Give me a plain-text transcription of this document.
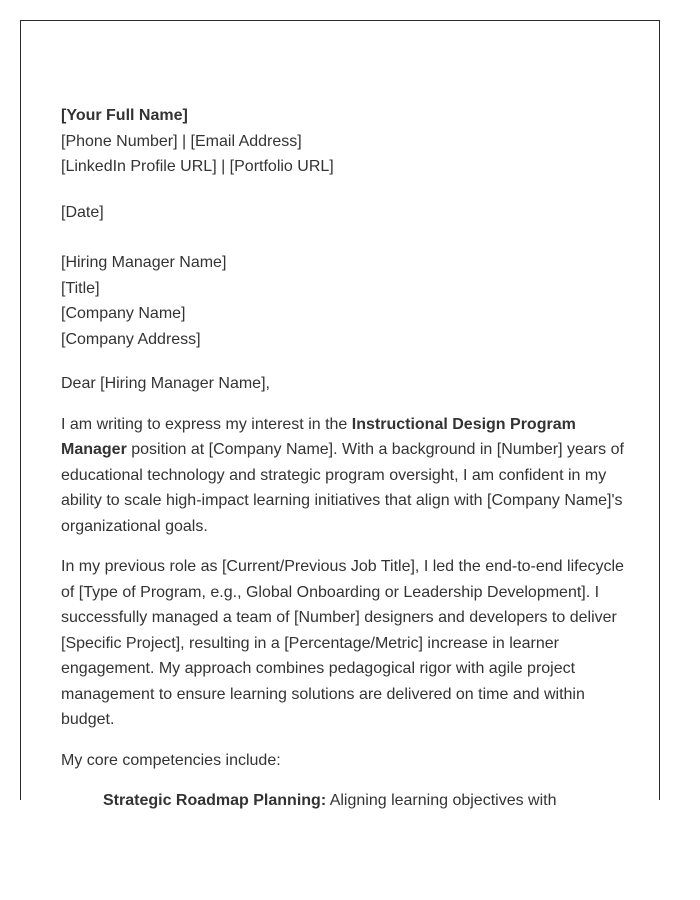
[Your Full Name]
[Phone Number] | [Email Address]
[LinkedIn Profile URL] | [Portfolio URL]
[Date]
[Hiring Manager Name]
[Title]
[Company Name]
[Company Address]
Dear [Hiring Manager Name],

I am writing to express my interest in the Instructional Design Program Manager position at [Company Name]. With a background in [Number] years of educational technology and strategic program oversight, I am confident in my ability to scale high-impact learning initiatives that align with [Company Name]'s organizational goals.

In my previous role as [Current/Previous Job Title], I led the end-to-end lifecycle of [Type of Program, e.g., Global Onboarding or Leadership Development]. I successfully managed a team of [Number] designers and developers to deliver [Specific Project], resulting in a [Percentage/Metric] increase in learner engagement. My approach combines pedagogical rigor with agile project management to ensure learning solutions are delivered on time and within budget.

My core competencies include:

Strategic Roadmap Planning: Aligning learning objectives with
